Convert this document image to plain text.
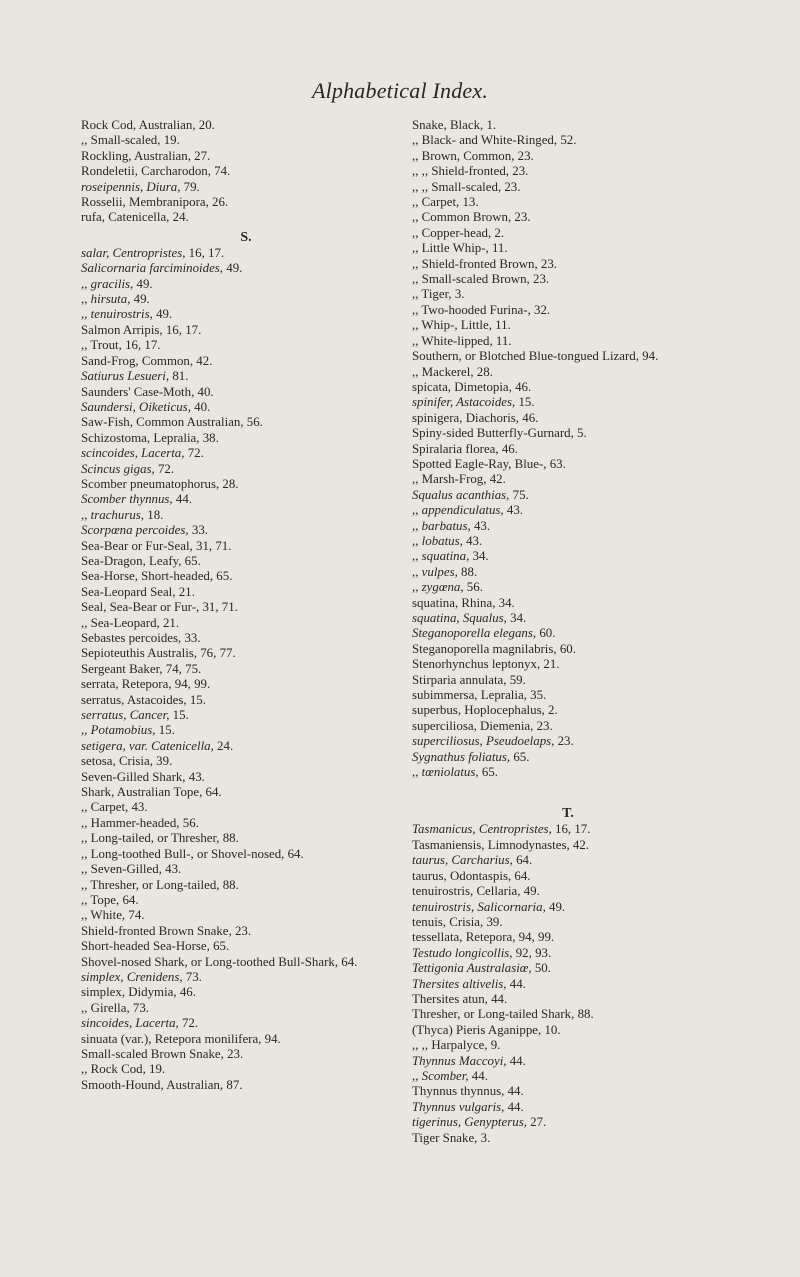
Alphabetical Index.
Rock Cod, Australian, 20.
,, Small-scaled, 19.
Rockling, Australian, 27.
Rondeletii, Carcharodon, 74.
roseipennis, Diura, 79.
Rosselii, Membranipora, 26.
rufa, Catenicella, 24.
S.
salar, Centropristes, 16, 17.
Salicornaria farciminoides, 49.
,, gracilis, 49.
,, hirsuta, 49.
,, tenuirostris, 49.
Salmon Arripis, 16, 17.
,, Trout, 16, 17.
Sand-Frog, Common, 42.
Satiurus Lesueri, 81.
Saunders' Case-Moth, 40.
Saundersi, Oiketicus, 40.
Saw-Fish, Common Australian, 56.
Schizostoma, Lepralia, 38.
scincoides, Lacerta, 72.
Scincus gigas, 72.
Scomber pneumatophorus, 28.
Scomber thynnus, 44.
,, trachurus, 18.
Scorpœna percoides, 33.
Sea-Bear or Fur-Seal, 31, 71.
Sea-Dragon, Leafy, 65.
Sea-Horse, Short-headed, 65.
Sea-Leopard Seal, 21.
Seal, Sea-Bear or Fur-, 31, 71.
,, Sea-Leopard, 21.
Sebastes percoides, 33.
Sepioteuthis Australis, 76, 77.
Sergeant Baker, 74, 75.
serrata, Retepora, 94, 99.
serratus, Astacoides, 15.
serratus, Cancer, 15.
,, Potamobius, 15.
setigera, var. Catenicella, 24.
setosa, Crisia, 39.
Seven-Gilled Shark, 43.
Shark, Australian Tope, 64.
,, Carpet, 43.
,, Hammer-headed, 56.
,, Long-tailed, or Thresher, 88.
,, Long-toothed Bull-, or Shovel-nosed, 64.
,, Seven-Gilled, 43.
,, Thresher, or Long-tailed, 88.
,, Tope, 64.
,, White, 74.
Shield-fronted Brown Snake, 23.
Short-headed Sea-Horse, 65.
Shovel-nosed Shark, or Long-toothed Bull-Shark, 64.
simplex, Crenidens, 73.
simplex, Didymia, 46.
,, Girella, 73.
sincoides, Lacerta, 72.
sinuata (var.), Retepora monilifera, 94.
Small-scaled Brown Snake, 23.
,, Rock Cod, 19.
Smooth-Hound, Australian, 87.
Snake, Black, 1.
,, Black- and White-Ringed, 52.
,, Brown, Common, 23.
,, ,, Shield-fronted, 23.
,, ,, Small-scaled, 23.
,, Carpet, 13.
,, Common Brown, 23.
,, Copper-head, 2.
,, Little Whip-, 11.
,, Shield-fronted Brown, 23.
,, Small-scaled Brown, 23.
,, Tiger, 3.
,, Two-hooded Furina-, 32.
,, Whip-, Little, 11.
,, White-lipped, 11.
Southern, or Blotched Blue-tongued Lizard, 94.
,, Mackerel, 28.
spicata, Dimetopia, 46.
spinifer, Astacoides, 15.
spinigera, Diachoris, 46.
Spiny-sided Butterfly-Gurnard, 5.
Spiralaria florea, 46.
Spotted Eagle-Ray, Blue-, 63.
,, Marsh-Frog, 42.
Squalus acanthias, 75.
,, appendiculatus, 43.
,, barbatus, 43.
,, lobatus, 43.
,, squatina, 34.
,, vulpes, 88.
,, zygœna, 56.
squatina, Rhina, 34.
squatina, Squalus, 34.
Steganoporella elegans, 60.
Steganoporella magnilabris, 60.
Stenorhynchus leptonyx, 21.
Stirparia annulata, 59.
subimmersa, Lepralia, 35.
superbus, Hoplocephalus, 2.
superciliosa, Diemenia, 23.
superciliosus, Pseudoelaps, 23.
Sygnathus foliatus, 65.
,, tœniolatus, 65.
T.
Tasmanicus, Centropristes, 16, 17.
Tasmaniensis, Limnodynastes, 42.
taurus, Carcharius, 64.
taurus, Odontaspis, 64.
tenuirostris, Cellaria, 49.
tenuirostris, Salicornaria, 49.
tenuis, Crisia, 39.
tessellata, Retepora, 94, 99.
Testudo longicollis, 92, 93.
Tettigonia Australasiœ, 50.
Thersites altivelis, 44.
Thersites atun, 44.
Thresher, or Long-tailed Shark, 88.
(Thyca) Pieris Aganippe, 10.
,, ,, Harpalyce, 9.
Thynnus Maccoyi, 44.
,, Scomber, 44.
Thynnus thynnus, 44.
Thynnus vulgaris, 44.
tigerinus, Genypterus, 27.
Tiger Snake, 3.
